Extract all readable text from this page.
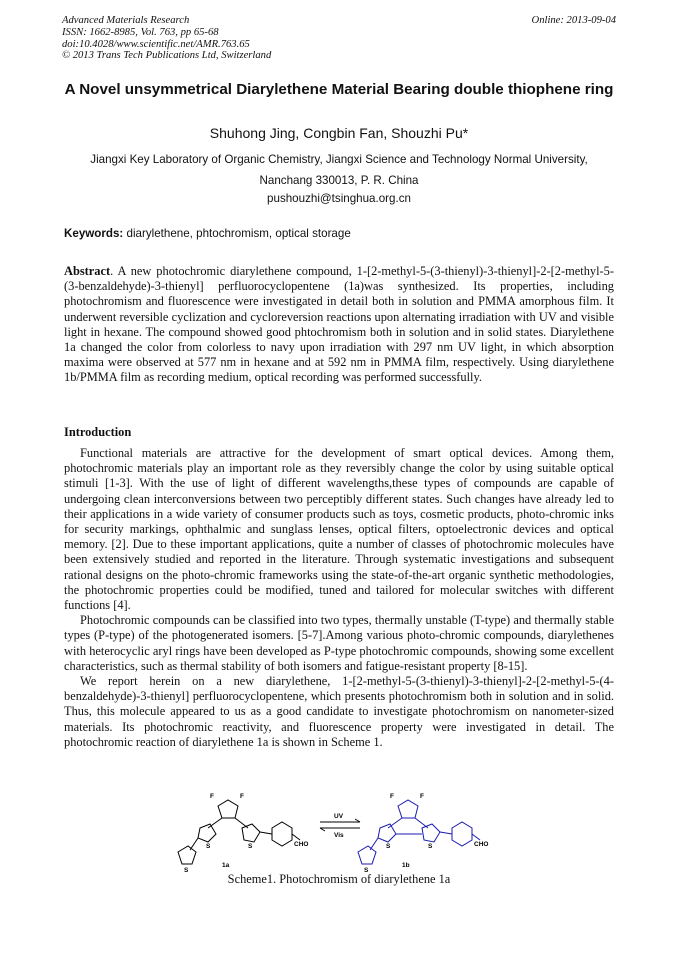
Advanced Materials Research
ISSN: 1662-8985, Vol. 763, pp 65-68
doi:10.4028/www.scientific.net/AMR.763.65
© 2013 Trans Tech Publications Ltd, Switzerland
Online: 2013-09-04
A Novel unsymmetrical Diarylethene Material Bearing double thiophene ring
Shuhong Jing, Congbin Fan, Shouzhi Pu*
Jiangxi Key Laboratory of Organic Chemistry, Jiangxi Science and Technology Normal University,
Nanchang 330013, P. R. China
pushouzhi@tsinghua.org.cn
Keywords: diarylethene, phtochromism, optical storage
Abstract. A new photochromic diarylethene compound, 1-[2-methyl-5-(3-thienyl)-3-thienyl]-2-[2-methyl-5-(3-benzaldehyde)-3-thienyl] perfluorocyclopentene (1a)was synthesized. Its properties, including photochromism and fluorescence were investigated in detail both in solution and PMMA amorphous film. It underwent reversible cyclization and cycloreversion reactions upon alternating irradiation with UV and visible light in hexane. The compound showed good phtochromism both in solution and in solid states. Diarylethene 1a changed the color from colorless to navy upon irradiation with 297 nm UV light, in which absorption maxima were observed at 577 nm in hexane and at 592 nm in PMMA film, respectively. Using diarylethene 1b/PMMA film as recording medium, optical recording was performed successfully.
Introduction

Functional materials are attractive for the development of smart optical devices. Among them, photochromic materials play an important role as they reversibly change the color by using suitable optical stimuli [1-3]. With the use of light of different wavelengths,these types of compounds are capable of undergoing clean interconversions between two perceptibly different states. Such changes have already led to their applications in a wide variety of consumer products such as toys, cosmetic products, photo-chromic inks for security markings, ophthalmic and sunglass lenses, optical filters, optoelectronic devices and optical memory. [2]. Due to these important applications, quite a number of classes of photochromic molecules have been extensively studied and reported in the literature. Through systematic investigations and subsequent rational designs on the photo-chromic frameworks using the state-of-the-art organic synthetic methodologies, the photochromic properties could be modified, tuned and tailored for molecular switches with different functions [4].

Photochromic compounds can be classified into two types, thermally unstable (T-type) and thermally stable types (P-type) of the photogenerated isomers. [5-7].Among various photo-chromic compounds, diarylethenes with heterocyclic aryl rings have been developed as P-type photochromic compounds, showing some excellent characteristics, such as thermal stability of both isomers and fatigue-resistant property [8-15].

We report herein on a new diarylethene, 1-[2-methyl-5-(3-thienyl)-3-thienyl]-2-[2-methyl-5-(4-benzaldehyde)-3-thienyl] perfluorocyclopentene, which presents photochromism both in solution and in solid. Thus, this molecule appeared to us as a good candidate to investigate photochromism on nanometer-sized materials. Its photochromic reactivity, and fluorescence property were investigated in detail. The photochromic reaction of diarylethene 1a is shown in Scheme 1.

UV
Vis
1a	1b
CHO	CHO
F	F	F	F
S	S
S
S	S
S
Scheme1. Photochromism of diarylethene 1a
